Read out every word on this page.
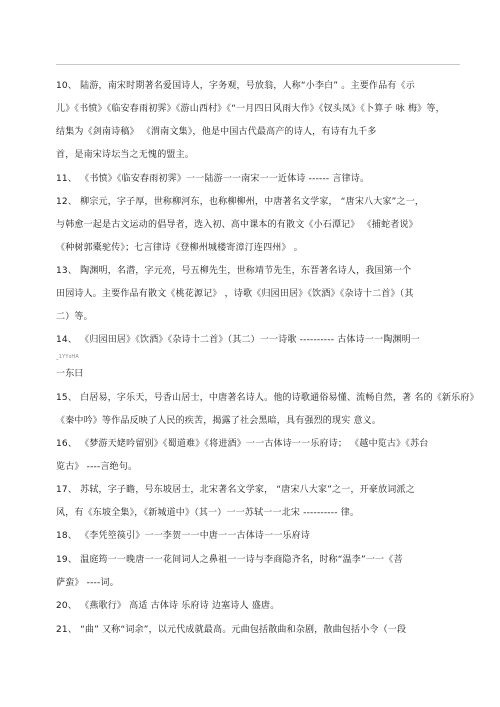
10、 陆游，南宋时期著名爱国诗人，字务观，号放翁，人称“小李白” 。主要作品有《示
儿》《书愤》《临安春雨初霁》《游山西村》《“一月四日风雨大作》《钗头凤》《卜算子 咏 梅》等，
结集为《剑南诗稿》 《渭南文集》，他是中国古代最高产的诗人，有诗有九千多
首，是南宋诗坛当之无愧的盟主。
11、 《书愤》《临安春雨初霁》一一陆游一一南宋一一近体诗 ------ 言律诗。
12、 柳宗元，字子厚，世称柳河东，也称柳柳州，中唐著名文学家， “唐宋八大家”之一，
与韩愈一起是古文运动的倡导者，选入初、高中课本的有散文《小石潭记》 《捕蛇者说》
《种树郭橐驼传》；七言律诗《登柳州城楼寄漳汀连四州》 。
13、 陶渊明，名潜，字元亮，号五柳先生，世称靖节先生，东晋著名诗人，我国第一个
田园诗人。主要作品有散文《桃花源记》 ，诗歌《归园田居》《饮酒》《杂诗十二首》（其
二）等。
14、 《归园田居》《饮酒》《杂诗十二首》（其二）一一诗歌 ---------- 古体诗一一陶渊明一
_1YYsHA
一东曰
15、 白居易，字乐天，号香山居士，中唐著名诗人。他的诗歌通俗易懂、流畅自然，著 名的《新乐府》
《秦中吟》等作品反映了人民的疾苦，揭露了社会黑暗，具有强烈的现实 意义。
16、 《梦游天姥吟留别》《蜀道难》《将进酒》一一古体诗一一乐府诗； 《越中览古》《苏台
览古》 ----言绝句。
17、 苏轼，字子瞻，号东坡居士，北宋著名文学家， “唐宋八大家”之一，开豪放词派之
风，有《东坡全集》，《新城道中》（其一）一一苏轼一一北宋 ---------- 律。
18、 《李凭箜篌引》一一李贺一一中唐一一古体诗一一乐府诗
19、 温庭筠一一晚唐一一花间词人之鼻祖一一诗与李商隐齐名，时称“温李”一一《菩
萨蛮》 ----词。
20、 《燕歌行》 高适 古体诗 乐府诗 边塞诗人 盛唐。
21、 “曲” 又称“词余”，以元代成就最高。元曲包括散曲和杂剧，散曲包括小令（一段
